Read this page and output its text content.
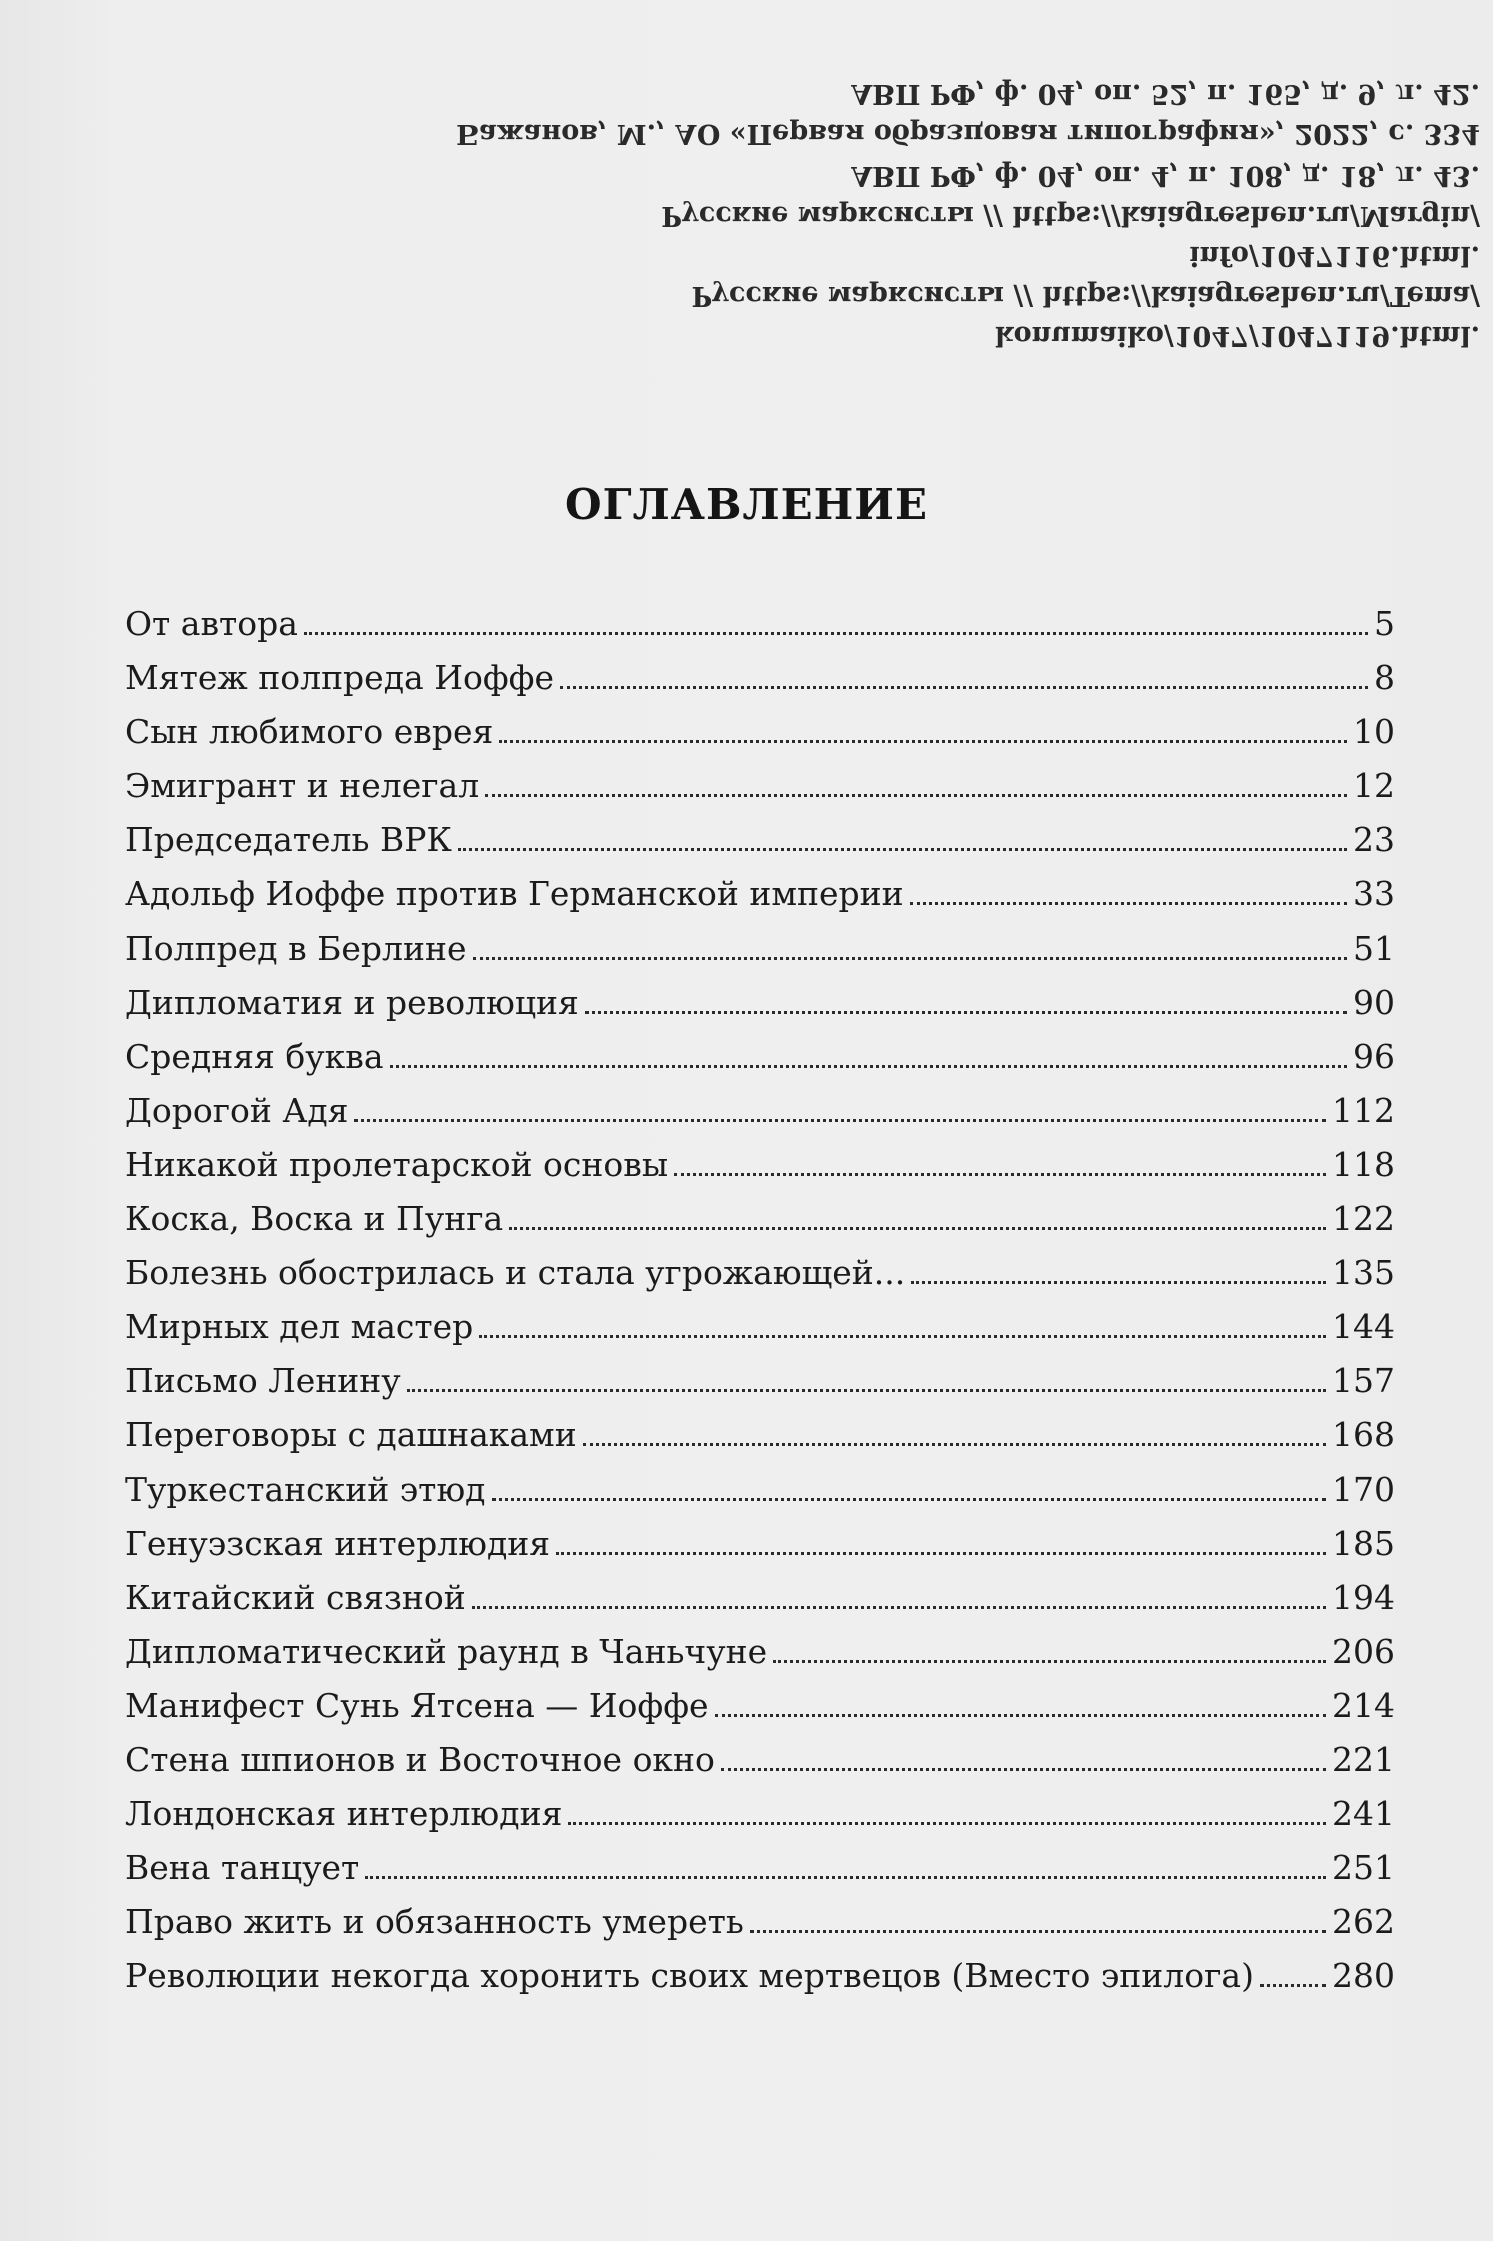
ABП РФ, ф. 04, оп. 52, п. 165, д. 9, л. 42.
Бажанов, М., АО «Первая образцовая типография», 2022, с. 334
ABП РФ, ф. 04, оп. 4, п. 108, д. 18, л. 43.
Русские марксисты // https://kaiagreshen.ru/Margin/
info/1047116.html.
Русские марксисты // https://kaiagreshen.ru/Tema/
konumaiko/1047/1047119.html.
ОГЛАВЛЕНИЕ
От автора	5
Мятеж полпреда Иоффе	8
Сын любимого еврея	10
Эмигрант и нелегал	12
Председатель ВРК	23
Адольф Иоффе против Германской империи	33
Полпред в Берлине	51
Дипломатия и революция	90
Средняя буква	96
Дорогой Адя	112
Никакой пролетарской основы	118
Коска, Воска и Пунга	122
Болезнь обострилась и стала угрожающей...	135
Мирных дел мастер	144
Письмо Ленину	157
Переговоры с дашнаками	168
Туркестанский этюд	170
Генуэзская интерлюдия	185
Китайский связной	194
Дипломатический раунд в Чаньчуне	206
Манифест Сунь Ятсена — Иоффе	214
Стена шпионов и Восточное окно	221
Лондонская интерлюдия	241
Вена танцует	251
Право жить и обязанность умереть	262
Революции некогда хоронить своих мертвецов (Вместо эпилога) 280
